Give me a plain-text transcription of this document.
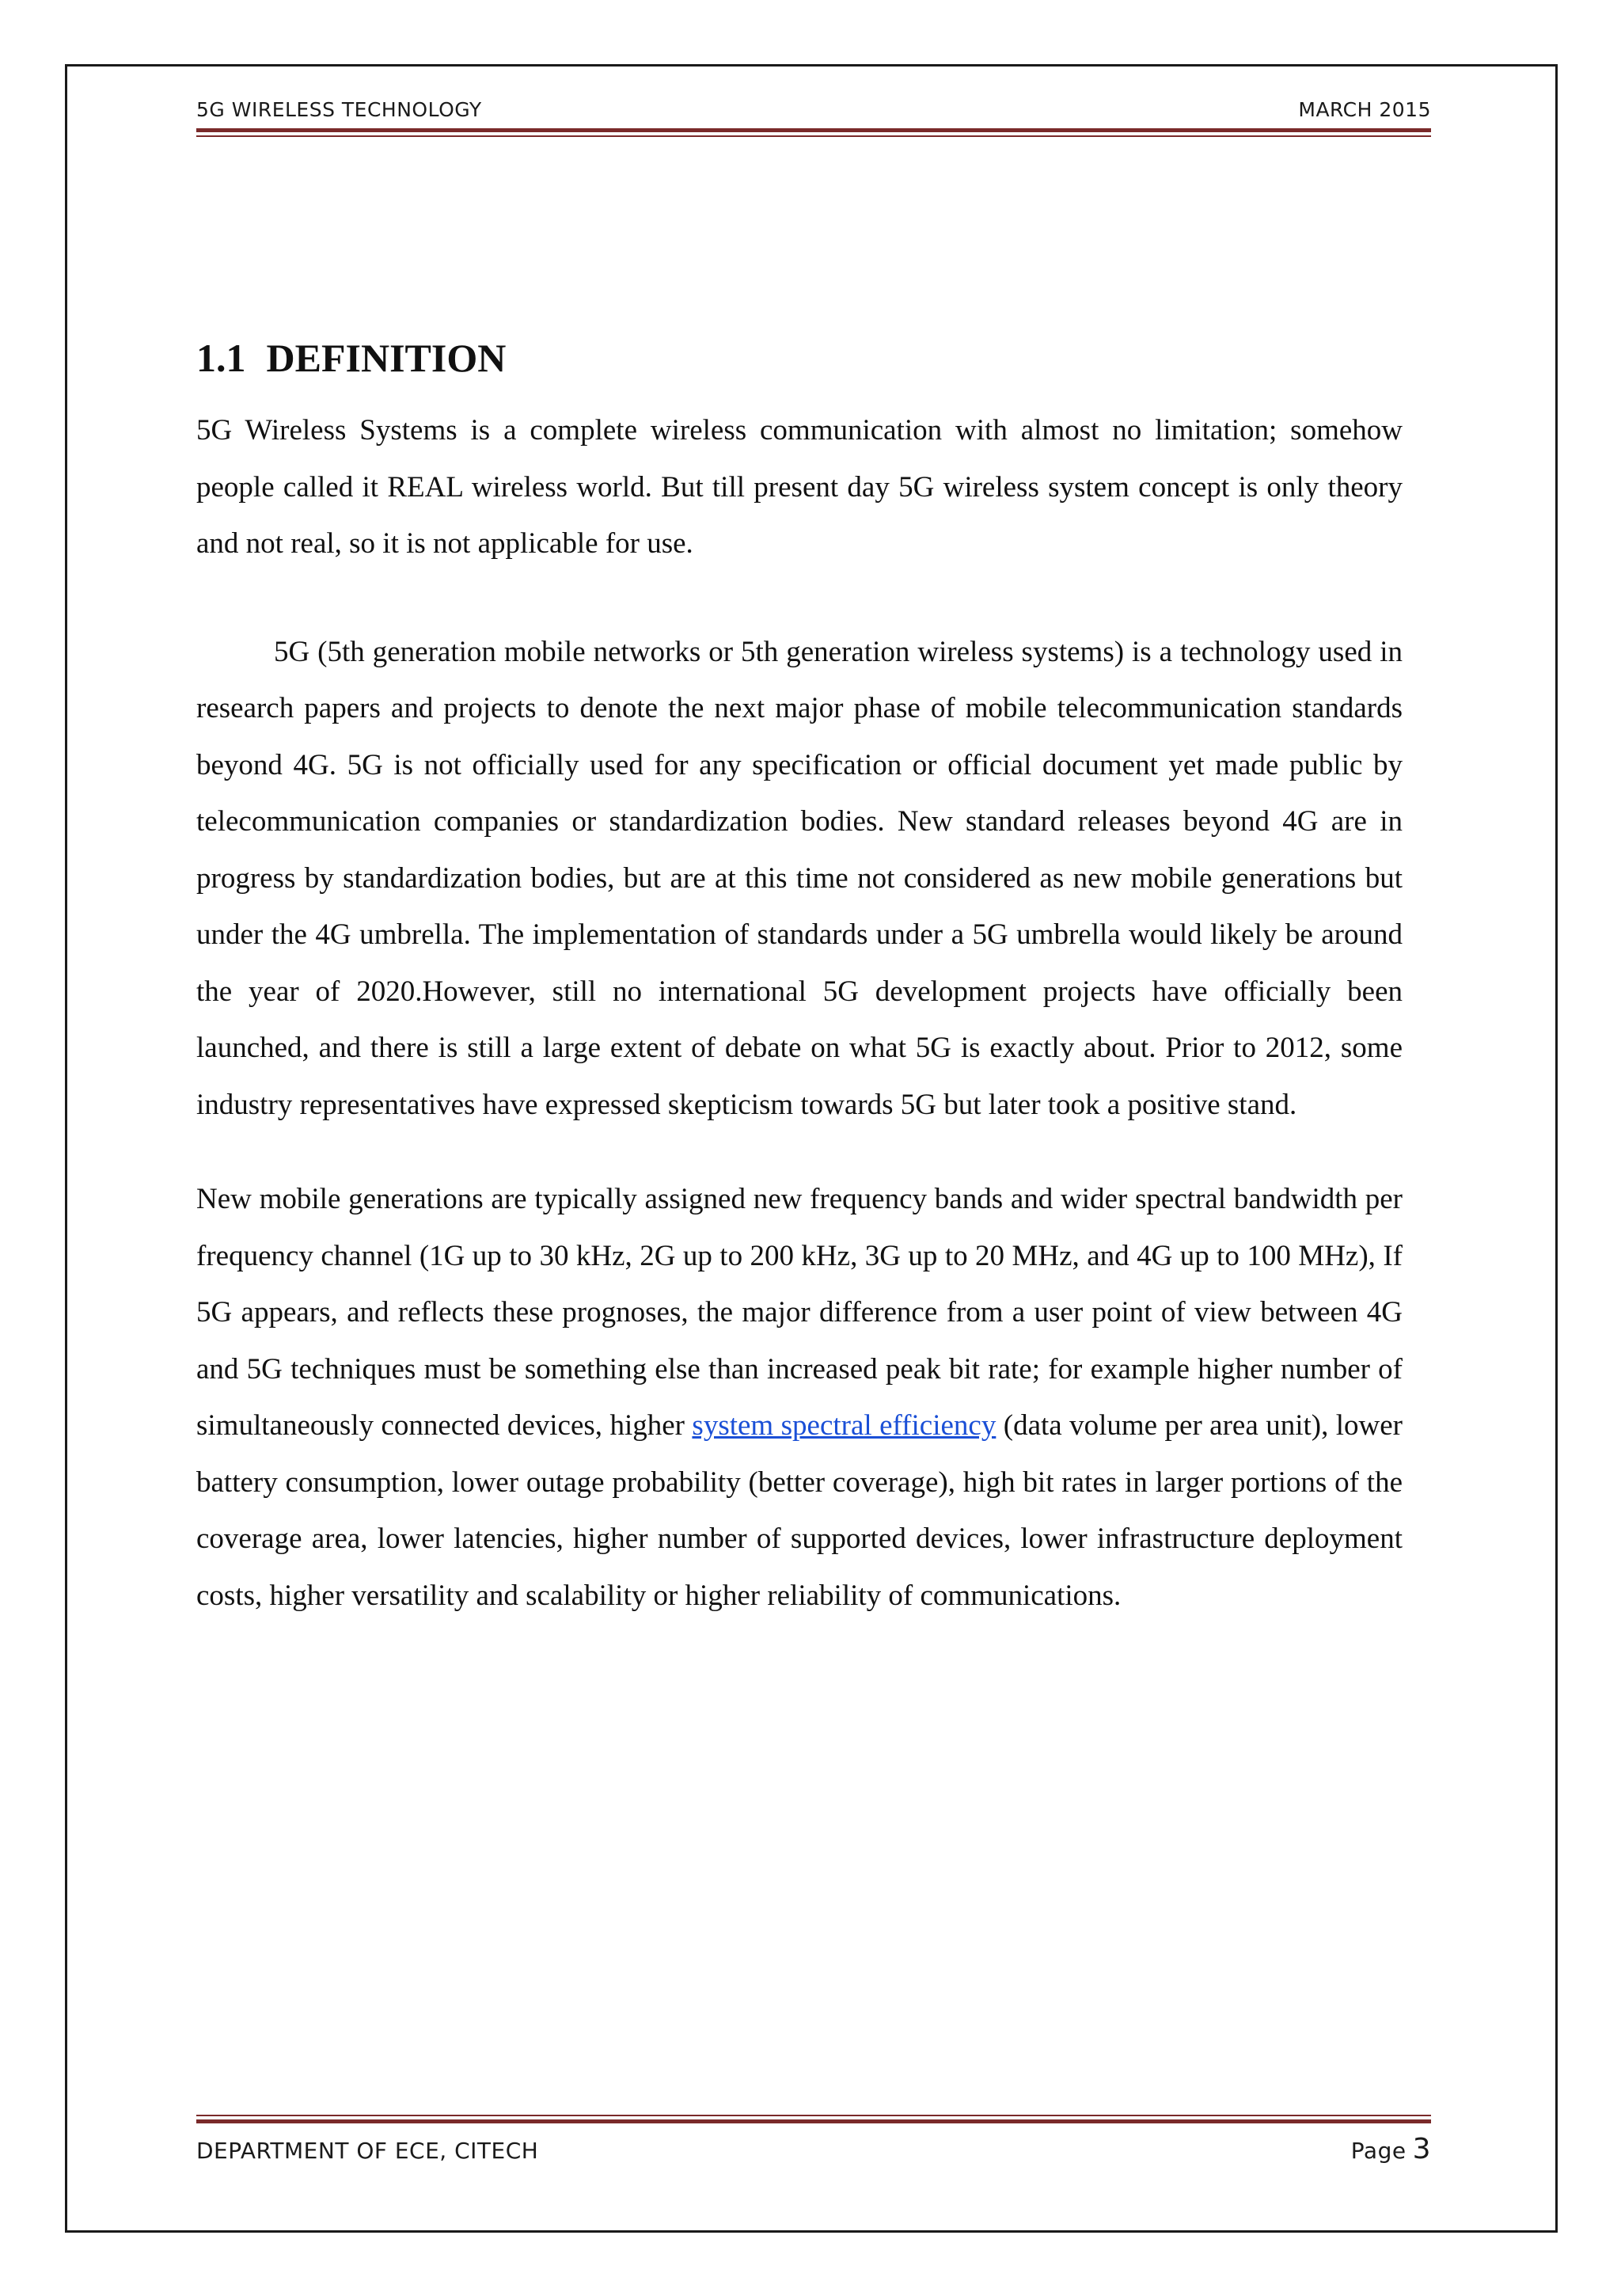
5G WIRELESS TECHNOLOGY	MARCH 2015
1.1 DEFINITION

5G Wireless Systems is a complete wireless communication with almost no limitation; somehow people called it REAL wireless world. But till present day 5G wireless system concept is only theory and not real, so it is not applicable for use.

5G (5th generation mobile networks or 5th generation wireless systems) is a technology used in research papers and projects to denote the next major phase of mobile telecommunication standards beyond 4G. 5G is not officially used for any specification or official document yet made public by telecommunication companies or standardization bodies. New standard releases beyond 4G are in progress by standardization bodies, but are at this time not considered as new mobile generations but under the 4G umbrella. The implementation of standards under a 5G umbrella would likely be around the year of 2020.However, still no international 5G development projects have officially been launched, and there is still a large extent of debate on what 5G is exactly about. Prior to 2012, some industry representatives have expressed skepticism towards 5G but later took a positive stand.

New mobile generations are typically assigned new frequency bands and wider spectral bandwidth per frequency channel (1G up to 30 kHz, 2G up to 200 kHz, 3G up to 20 MHz, and 4G up to 100 MHz), If 5G appears, and reflects these prognoses, the major difference from a user point of view between 4G and 5G techniques must be something else than increased peak bit rate; for example higher number of simultaneously connected devices, higher system spectral efficiency (data volume per area unit), lower battery consumption, lower outage probability (better coverage), high bit rates in larger portions of the coverage area, lower latencies, higher number of supported devices, lower infrastructure deployment costs, higher versatility and scalability or higher reliability of communications.

DEPARTMENT OF ECE, CITECH	Page 3
